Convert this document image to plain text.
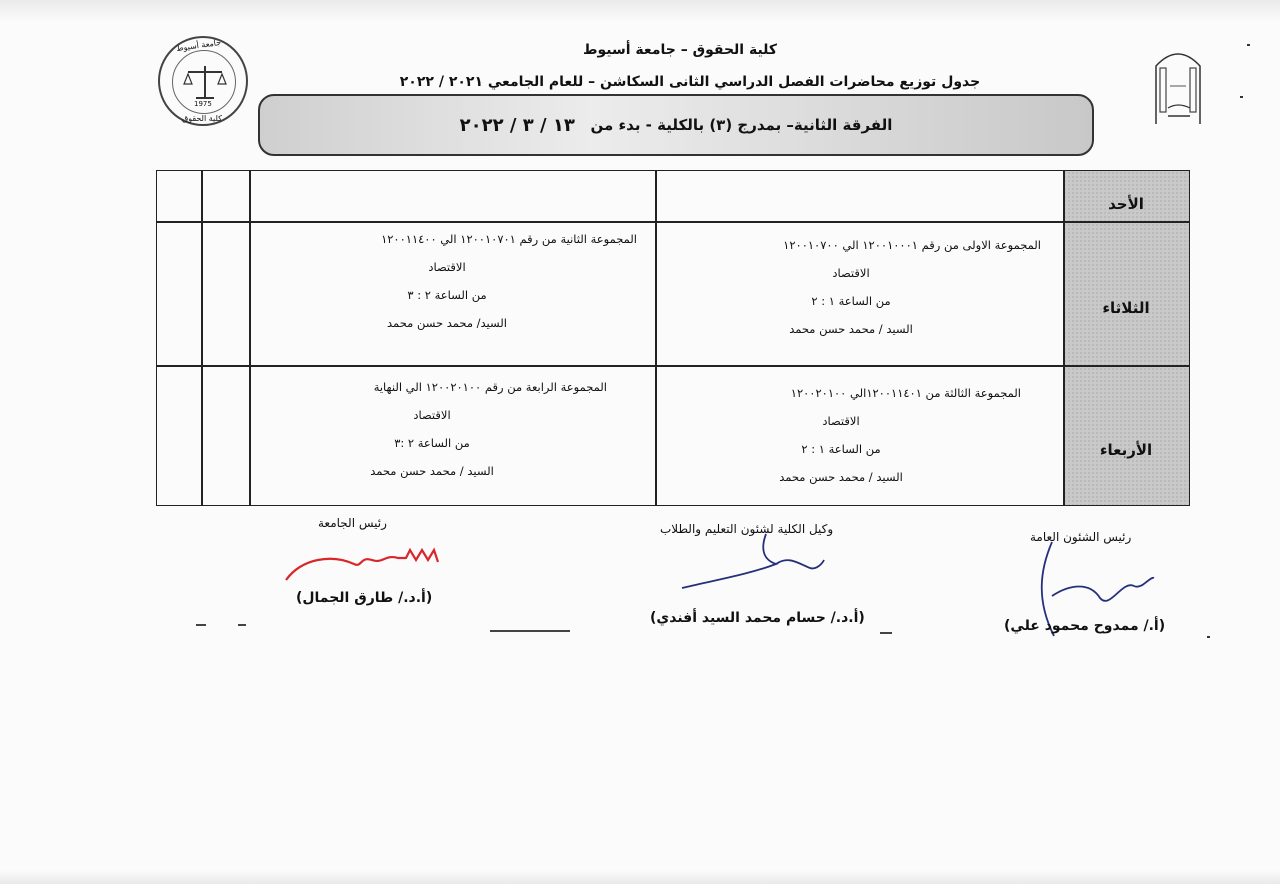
جامعة أسيوط
1975
كلية الحقوق
كلية الحقوق – جامعة أسيوط
جدول توزيع محاضرات الفصل الدراسي الثانى السكاشن – للعام الجامعي ٢٠٢١ / ٢٠٢٢
الفرقة الثانية– بمدرج (٣) بالكلية - بدء من

١٣ / ٣ / ٢٠٢٢
الأحد
الثلاثاء
الأربعاء
المجموعة الاولى من رقم ١٢٠٠١٠٠٠١ الي ١٢٠٠١٠٧٠٠
الاقتصاد
من الساعة ١ : ٢
السيد / محمد حسن محمد
المجموعة الثانية من رقم ١٢٠٠١٠٧٠١ الي ١٢٠٠١١٤٠٠
الاقتصاد
من الساعة ٢ : ٣
السيد/ محمد حسن محمد
المجموعة الثالثة من ١٢٠٠١١٤٠١الي ١٢٠٠٢٠١٠٠
الاقتصاد
من الساعة ١ : ٢
السيد / محمد حسن محمد
المجموعة الرابعة من رقم ١٢٠٠٢٠١٠٠ الي النهاية
الاقتصاد
من الساعة ٢ :٣
السيد / محمد حسن محمد
رئيس الشئون العامة
وكيل الكلية لشئون التعليم والطلاب
رئيس الجامعة
(أ./ ممدوح محمود علي)
(أ.د./ حسام محمد السيد أفندي)
(أ.د./ طارق الجمال)
